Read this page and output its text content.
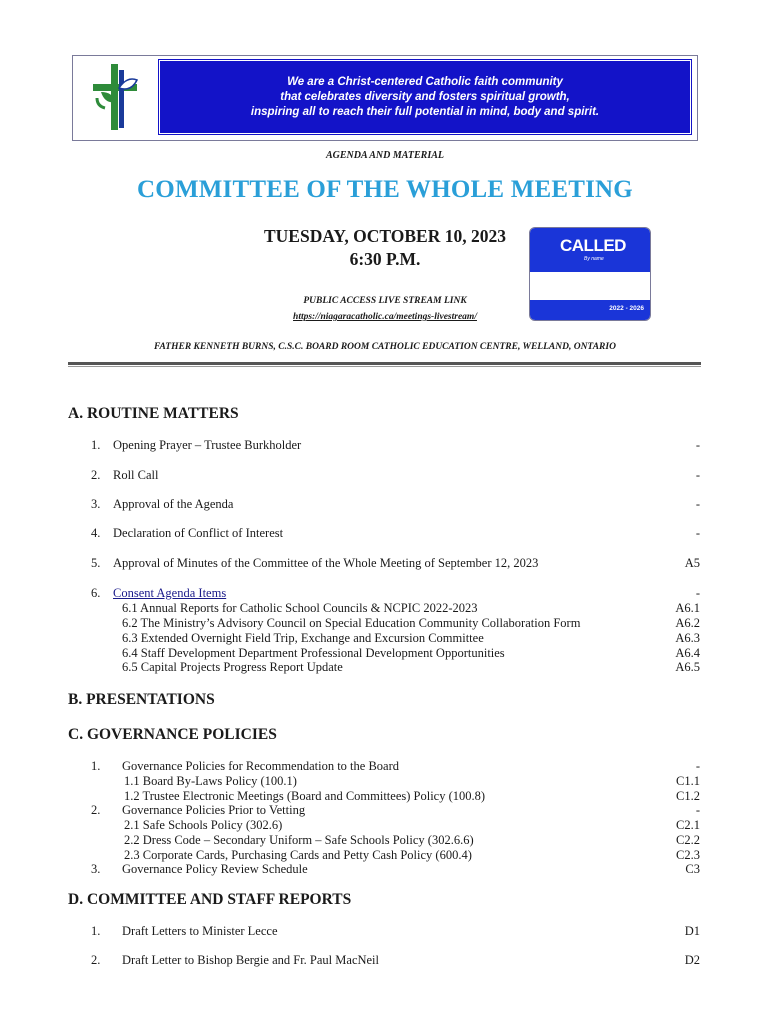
We are a Christ-centered Catholic faith community
that celebrates diversity and fosters spiritual growth,
inspiring all to reach their full potential in mind, body and spirit.
AGENDA AND MATERIAL
COMMITTEE OF THE WHOLE MEETING
TUESDAY, OCTOBER 10, 2023
6:30 P.M.
PUBLIC ACCESS LIVE STREAM LINK
https://niagaracatholic.ca/meetings-livestream/
CALLED
By name
2022 - 2026
FATHER KENNETH BURNS, C.S.C. BOARD ROOM CATHOLIC EDUCATION CENTRE, WELLAND, ONTARIO
A. ROUTINE MATTERS
1.	Opening Prayer – Trustee Burkholder	-
2.	Roll Call	-
3.	Approval of the Agenda	-
4.	Declaration of Conflict of Interest	-
5.	Approval of Minutes of the Committee of the Whole Meeting of September 12, 2023	A5
6.	Consent Agenda Items	-
6.1 Annual Reports for Catholic School Councils & NCPIC 2022-2023	A6.1
6.2 The Ministry’s Advisory Council on Special Education Community Collaboration Form	A6.2
6.3 Extended Overnight Field Trip, Exchange and Excursion Committee	A6.3
6.4 Staff Development Department Professional Development Opportunities	A6.4
6.5 Capital Projects Progress Report Update	A6.5
B. PRESENTATIONS
C. GOVERNANCE POLICIES
1.	Governance Policies for Recommendation to the Board	-
1.1 Board By-Laws Policy (100.1)	C1.1
1.2 Trustee Electronic Meetings (Board and Committees) Policy (100.8)	C1.2
2.	Governance Policies Prior to Vetting	-
2.1 Safe Schools Policy (302.6)	C2.1
2.2 Dress Code – Secondary Uniform – Safe Schools Policy (302.6.6)	C2.2
2.3 Corporate Cards, Purchasing Cards and Petty Cash Policy (600.4)	C2.3
3.	Governance Policy Review Schedule	C3
D. COMMITTEE AND STAFF REPORTS
1.	Draft Letters to Minister Lecce	D1
2.	Draft Letter to Bishop Bergie and Fr. Paul MacNeil	D2
